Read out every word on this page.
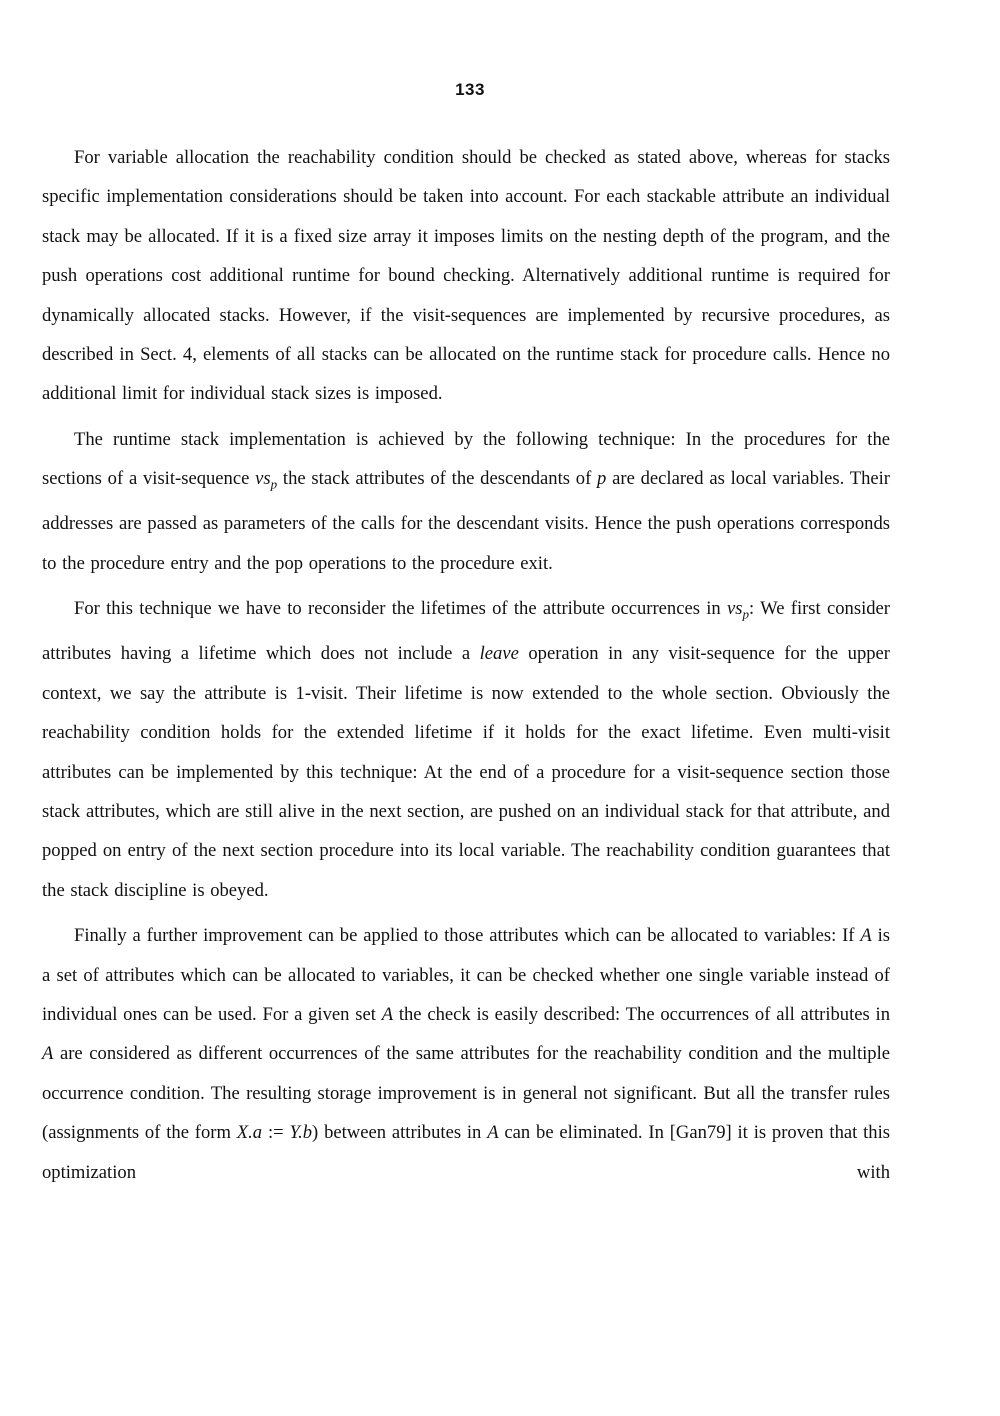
133

For variable allocation the reachability condition should be checked as stated above, whereas for stacks specific implementation considerations should be taken into account. For each stackable attribute an individual stack may be allocated. If it is a fixed size array it imposes limits on the nesting depth of the program, and the push operations cost additional runtime for bound checking. Alternatively additional runtime is required for dynamically allocated stacks. However, if the visit-sequences are implemented by recursive procedures, as described in Sect. 4, elements of all stacks can be allocated on the runtime stack for procedure calls. Hence no additional limit for individual stack sizes is imposed.

The runtime stack implementation is achieved by the following technique: In the procedures for the sections of a visit-sequence $vs_p$ the stack attributes of the descendants of p are declared as local variables. Their addresses are passed as parameters of the calls for the descendant visits. Hence the push operations corresponds to the procedure entry and the pop operations to the procedure exit.

For this technique we have to reconsider the lifetimes of the attribute occurrences in $vs_p$: We first consider attributes having a lifetime which does not include a leave operation in any visit-sequence for the upper context, we say the attribute is 1-visit. Their lifetime is now extended to the whole section. Obviously the reachability condition holds for the extended lifetime if it holds for the exact lifetime. Even multi-visit attributes can be implemented by this technique: At the end of a procedure for a visit-sequence section those stack attributes, which are still alive in the next section, are pushed on an individual stack for that attribute, and popped on entry of the next section procedure into its local variable. The reachability condition guarantees that the stack discipline is obeyed.

Finally a further improvement can be applied to those attributes which can be allocated to variables: If A is a set of attributes which can be allocated to variables, it can be checked whether one single variable instead of individual ones can be used. For a given set A the check is easily described: The occurrences of all attributes in A are considered as different occurrences of the same attributes for the reachability condition and the multiple occurrence condition. The resulting storage improvement is in general not significant. But all the transfer rules (assignments of the form X.a := Y.b) between attributes in A can be eliminated. In [Gan79] it is proven that this optimization with
